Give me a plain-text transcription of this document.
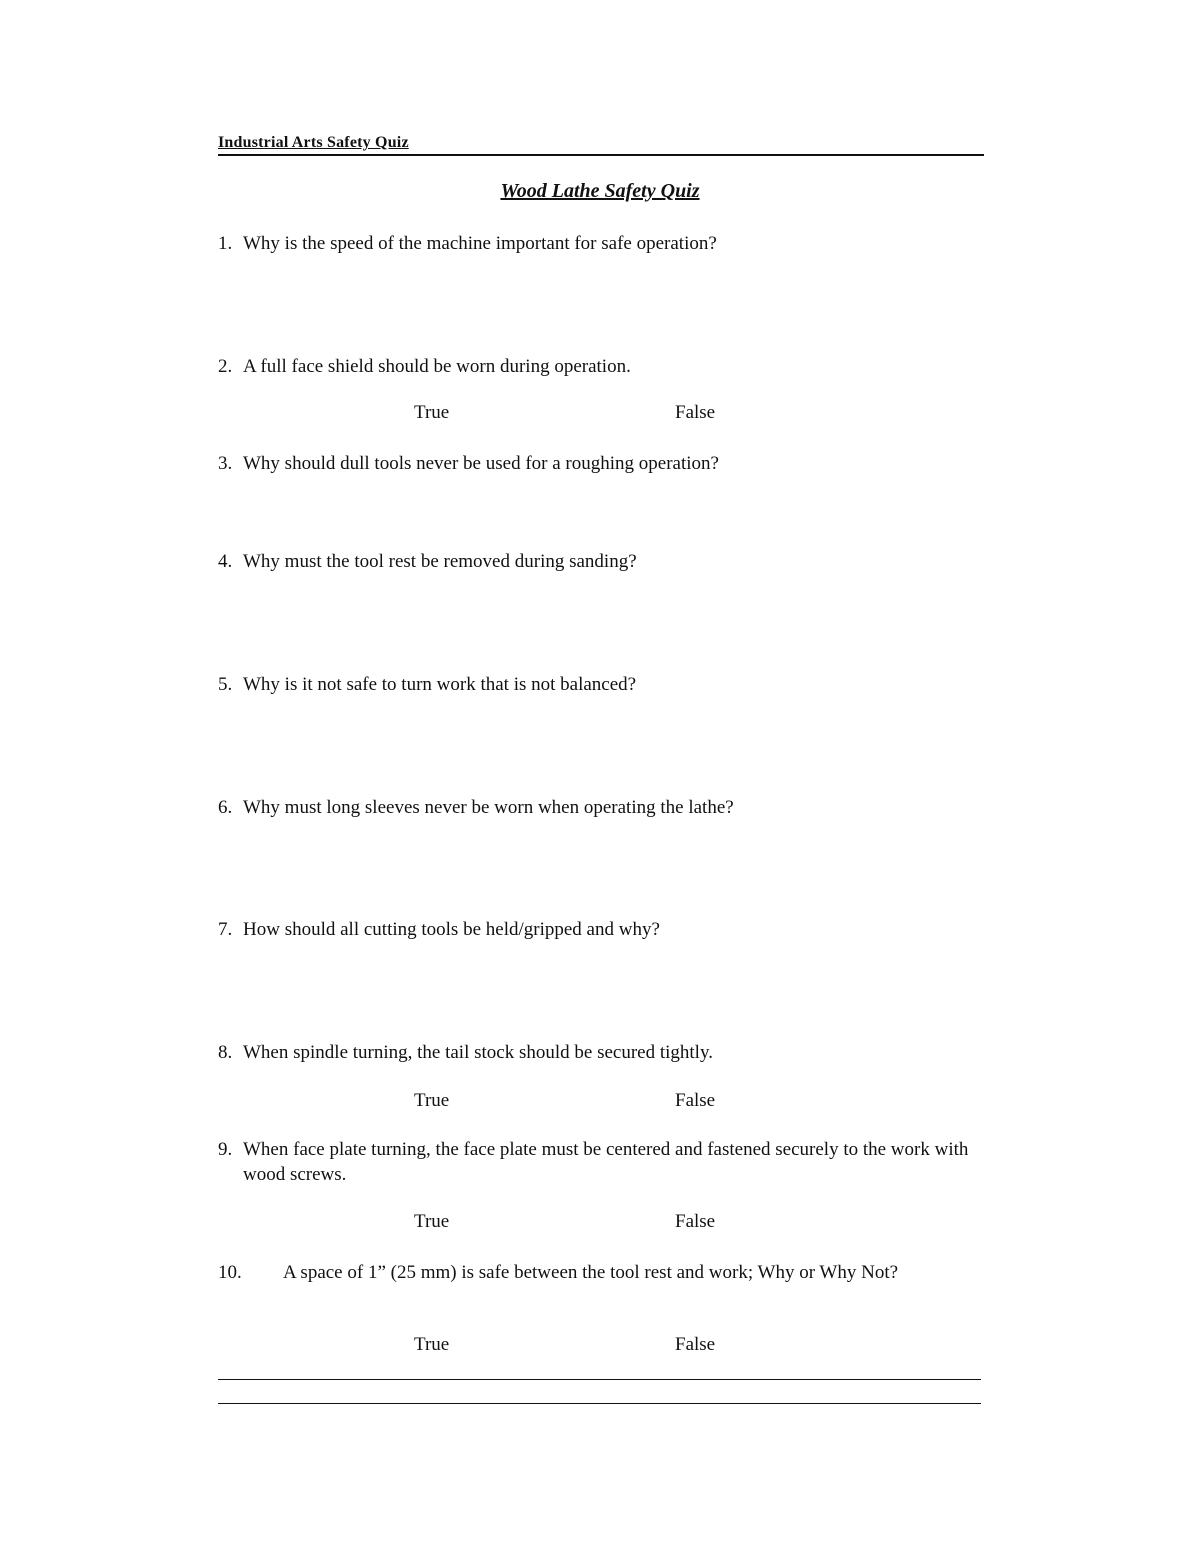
Industrial Arts Safety Quiz
Wood Lathe Safety Quiz
1. Why is the speed of the machine important for safe operation?
2. A full face shield should be worn during operation.
True	False
3. Why should dull tools never be used for a roughing operation?
4. Why must the tool rest be removed during sanding?
5. Why is it not safe to turn work that is not balanced?
6. Why must long sleeves never be worn when operating the lathe?
7. How should all cutting tools be held/gripped and why?
8. When spindle turning, the tail stock should be secured tightly.
True	False
9. When face plate turning, the face plate must be centered and fastened securely to the work with wood screws.
True	False
10.	A space of 1” (25 mm) is safe between the tool rest and work; Why or Why Not?
True	False
